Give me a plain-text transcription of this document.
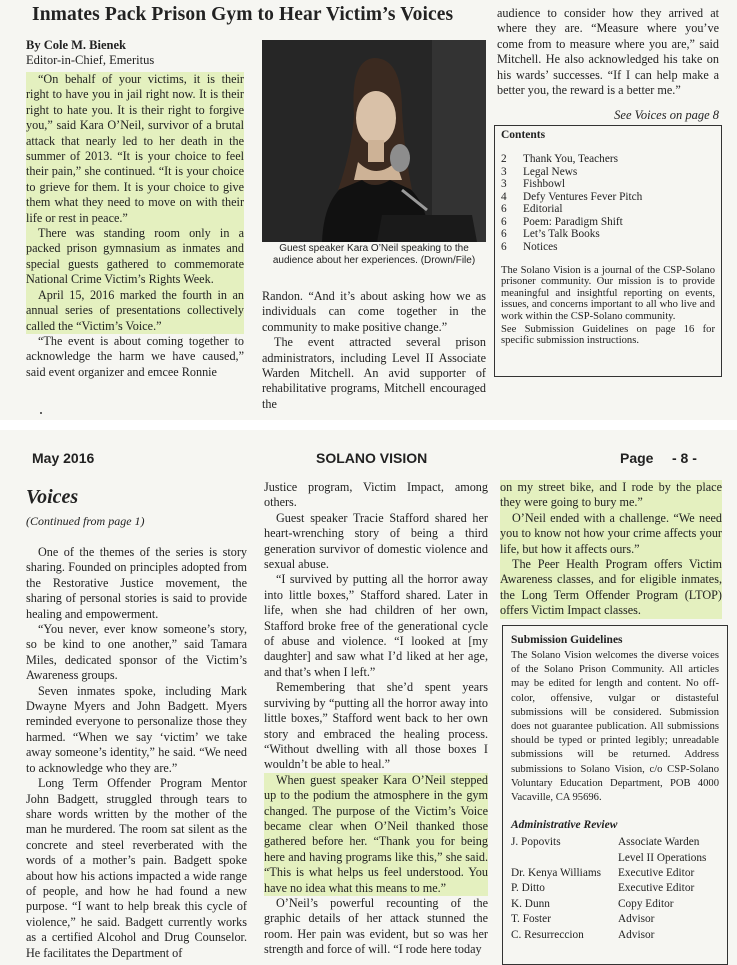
Inmates Pack Prison Gym to Hear Victim’s Voices
By Cole M. Bienek
Editor-in-Chief, Emeritus

“On behalf of your victims, it is their right to have you in jail right now. It is their right to hate you. It is their right to forgive you,” said Kara O’Neil, survivor of a brutal attack that nearly led to her death in the summer of 2013. “It is your choice to feel their pain,” she continued. “It is your choice to grieve for them. It is your choice to give them what they need to move on with their life or rest in peace.”

There was standing room only in a packed prison gymnasium as inmates and special guests gathered to commemorate National Crime Victim’s Rights Week.

April 15, 2016 marked the fourth in an annual series of presentations collectively called the “Victim’s Voice.”

“The event is about coming together to acknowledge the harm we have caused,” said event organizer and emcee Ronnie

Guest speaker Kara O’Neil speaking to the audience about her experiences. (Drown/File)

Randon. “And it’s about asking how we as individuals can come together in the community to make positive change.”

The event attracted several prison administrators, including Level II Associate Warden Mitchell. An avid supporter of rehabilitative programs, Mitchell encouraged the

audience to consider how they arrived at where they are. “Measure where you’ve come from to measure where you are,” said Mitchell. He also acknowledged his take on his wards’ successes. “If I can help make a better you, the reward is a better me.”

See Voices on page 8
Contents
2	Thank You, Teachers
3	Legal News
3	Fishbowl
4	Defy Ventures Fever Pitch
6	Editorial
6	Poem: Paradigm Shift
6	Let’s Talk Books
6	Notices
The Solano Vision is a journal of the CSP-Solano prisoner community. Our mission is to provide meaningful and insightful reporting on events, issues, and concerns important to all who live and work within the CSP-Solano community.
See Submission Guidelines on page 16 for specific submission instructions.
May 2016	SOLANO VISION	Page - 8 -
Voices
(Continued from page 1)

One of the themes of the series is story sharing. Founded on principles adopted from the Restorative Justice movement, the sharing of personal stories is said to provide healing and empowerment.

“You never, ever know someone’s story, so be kind to one another,” said Tamara Miles, dedicated sponsor of the Victim’s Awareness groups.

Seven inmates spoke, including Mark Dwayne Myers and John Badgett. Myers reminded everyone to personalize those they harmed. “When we say ‘victim’ we take away someone’s identity,” he said. “We need to acknowledge who they are.”

Long Term Offender Program Mentor John Badgett, struggled through tears to share words written by the mother of the man he murdered. The room sat silent as the concrete and steel reverberated with the words of a mother’s pain. Badgett spoke about how his actions impacted a wide range of people, and how he had found a new purpose. “I want to help break this cycle of violence,” he said. Badgett currently works as a certified Alcohol and Drug Counselor. He facilitates the Department of

Justice program, Victim Impact, among others.

Guest speaker Tracie Stafford shared her heart-wrenching story of being a third generation survivor of domestic violence and sexual abuse.

“I survived by putting all the horror away into little boxes,” Stafford shared. Later in life, when she had children of her own, Stafford broke free of the generational cycle of abuse and violence. “I looked at [my daughter] and saw what I’d liked at her age, and that’s when I left.”

Remembering that she’d spent years surviving by “putting all the horror away into little boxes,” Stafford went back to her own story and embraced the healing process. “Without dwelling with all those boxes I wouldn’t be able to heal.”

When guest speaker Kara O’Neil stepped up to the podium the atmosphere in the gym changed. The purpose of the Victim’s Voice became clear when O’Neil thanked those gathered before her. “Thank you for being here and having programs like this,” she said. “This is what helps us feel understood. You have no idea what this means to me.”

O’Neil’s powerful recounting of the graphic details of her attack stunned the room. Her pain was evident, but so was her strength and force of will. “I rode here today

on my street bike, and I rode by the place they were going to bury me.”

O’Neil ended with a challenge. “We need you to know not how your crime affects your life, but how it affects ours.”

The Peer Health Program offers Victim Awareness classes, and for eligible inmates, the Long Term Offender Program (LTOP) offers Victim Impact classes.

Submission Guidelines
The Solano Vision welcomes the diverse voices of the Solano Prison Community. All articles may be edited for length and content. No off-color, offensive, vulgar or distasteful submissions will be considered. Submission does not guarantee publication. All submissions should be typed or printed legibly; unreadable submissions will be returned. Address submissions to Solano Vision, c/o CSP-Solano Voluntary Education Department, POB 4000 Vacaville, CA 95696.
Administrative Review
J. Popovits	Associate Warden
Level II Operations
Dr. Kenya Williams	Executive Editor
P. Ditto	Executive Editor
K. Dunn	Copy Editor
T. Foster	Advisor
C. Resurreccion	Advisor
